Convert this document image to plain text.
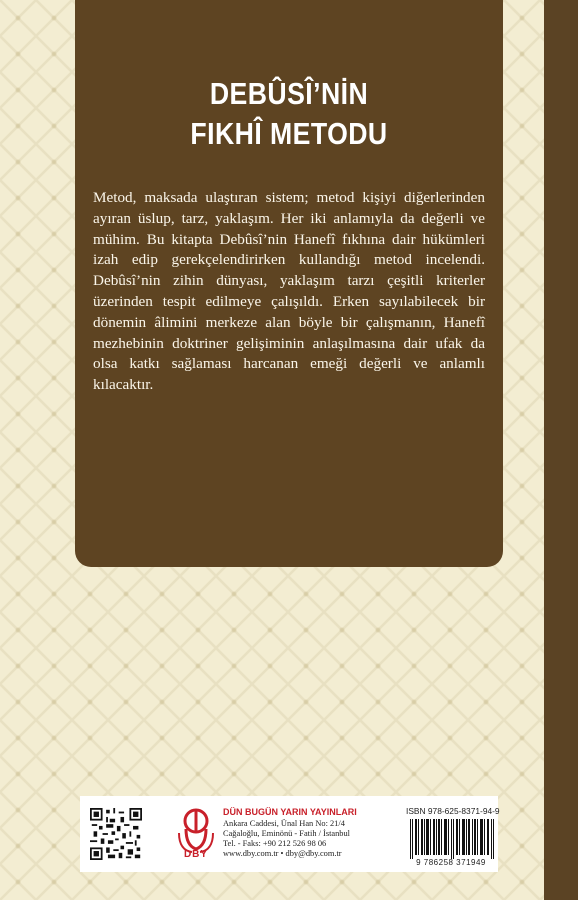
DEBÛSÎ’NİN
FIKHÎ METODU

Metod, maksada ulaştıran sistem; metod kişiyi diğerlerinden ayıran üslup, tarz, yaklaşım. Her iki anlamıyla da değerli ve mühim. Bu kitapta Debûsî’nin Hanefî fıkhına dair hükümleri izah edip gerekçelendirirken kullandığı metod incelendi. Debûsî’nin zihin dünyası, yaklaşım tarzı çeşitli kriterler üzerinden tespit edilmeye çalışıldı. Erken sayılabilecek bir dönemin âlimini merkeze alan böyle bir çalışmanın, Hanefî mezhebinin doktriner gelişiminin anlaşılmasına dair ufak da olsa katkı sağlaması harcanan emeği değerli ve anlamlı kılacaktır.

DBY
DÜN BUGÜN YARIN YAYINLARI
Ankara Caddesi, Ünal Han No: 21/4
Cağaloğlu, Eminönü - Fatih / İstanbul
Tel. - Faks: +90 212 526 98 06
www.dby.com.tr • dby@dby.com.tr
ISBN 978-625-8371-94-9
9 786258 371949
